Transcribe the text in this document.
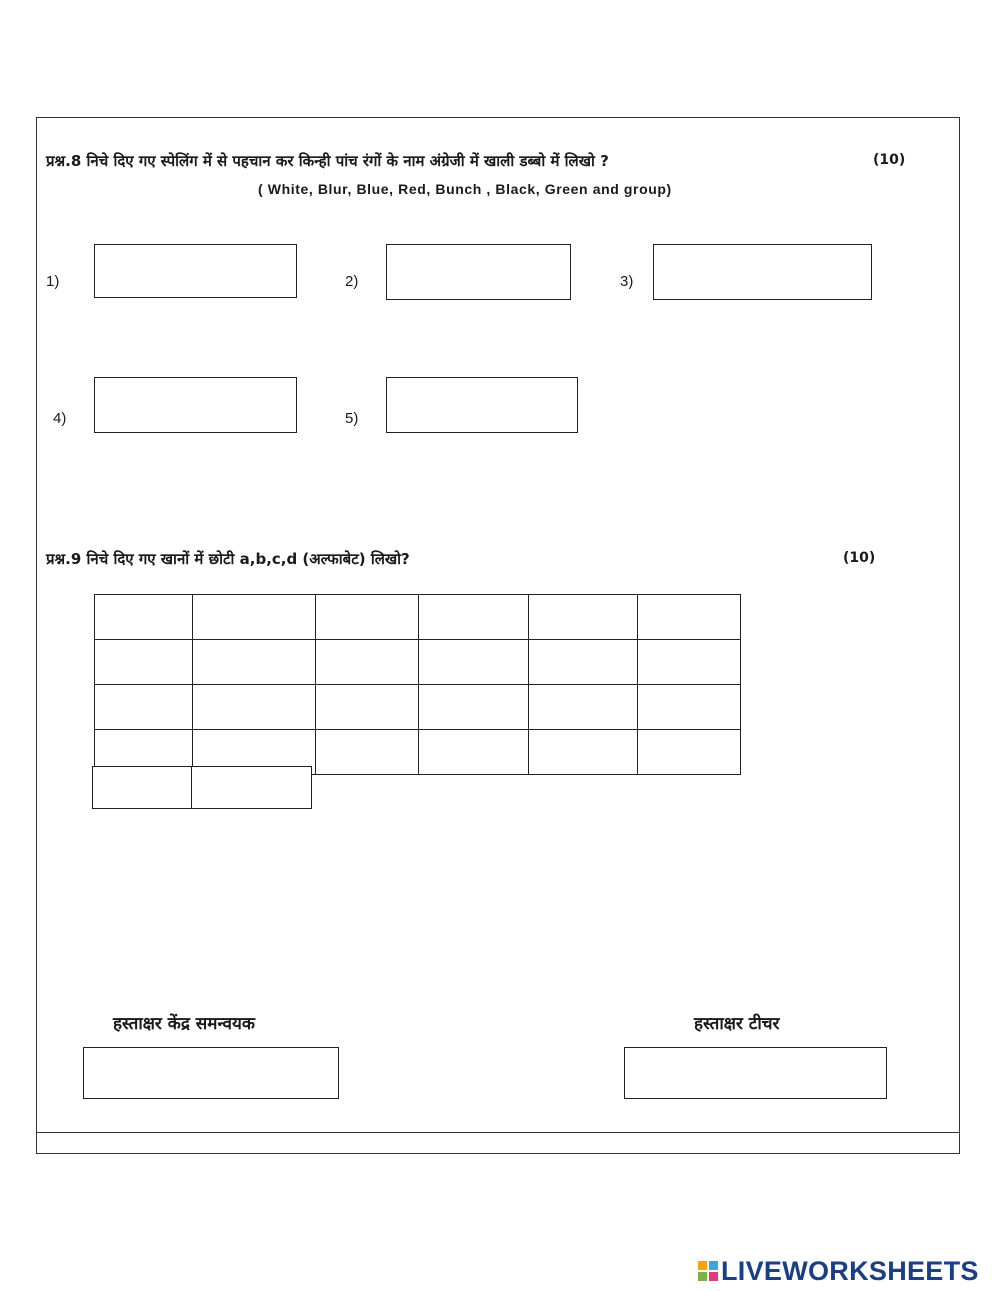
प्रश्न.8 निचे दिए गए स्पेलिंग में से पहचान कर किन्ही पांच रंगों के नाम अंग्रेजी में खाली डब्बो में लिखो ?	(10)
( White, Blur, Blue, Red, Bunch , Black, Green and group)
1)	2)	3)
4)	5)
प्रश्न.9 निचे दिए गए खानों में छोटी a,b,c,d (अल्फाबेट) लिखो?	(10)

हस्ताक्षर केंद्र समन्वयक	हस्ताक्षर टीचर
LIVEWORKSHEETS
